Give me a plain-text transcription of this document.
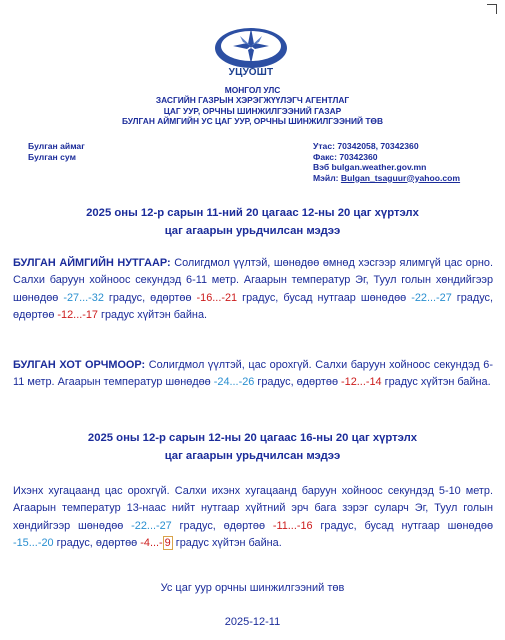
УЦУОШТ
МОНГОЛ УЛС
ЗАСГИЙН ГАЗРЫН ХЭРЭГЖҮҮЛЭГЧ АГЕНТЛАГ
ЦАГ УУР, ОРЧНЫ ШИНЖИЛГЭЭНИЙ ГАЗАР
БУЛГАН АЙМГИЙН УС ЦАГ УУР, ОРЧНЫ ШИНЖИЛГЭЭНИЙ ТӨВ
Булган аймаг
Булган сум
Утас: 70342058, 70342360
Факс: 70342360
Вэб bulgan.weather.gov.mn
Мэйл: Bulgan_tsaguur@yahoo.com
2025 оны 12-р сарын 11-ний 20 цагаас 12-ны 20 цаг хүртэлх
цаг агаарын урьдчилсан мэдээ
БУЛГАН АЙМГИЙН НУТГААР: Солигдмол үүлтэй, шөнөдөө өмнөд хэсгээр ялимгүй цас орно. Салхи баруун хойноос секундэд 6-11 метр. Агаарын температур Эг, Туул голын хөндийгээр шөнөдөө -27...-32 градус, өдөртөө -16...-21 градус, бусад нутгаар шөнөдөө -22...-27 градус, өдөртөө -12...-17 градус хүйтэн байна.
БУЛГАН ХОТ ОРЧМООР: Солигдмол үүлтэй, цас орохгүй. Салхи баруун хойноос секундэд 6-11 метр. Агаарын температур шөнөдөө -24...-26 градус, өдөртөө -12...-14 градус хүйтэн байна.
2025 оны 12-р сарын 12-ны 20 цагаас 16-ны 20 цаг хүртэлх
цаг агаарын урьдчилсан мэдээ
Ихэнх хугацаанд цас орохгүй. Салхи ихэнх хугацаанд баруун хойноос секундэд 5-10 метр. Агаарын температур 13-наас нийт нутгаар хүйтний эрч бага зэрэг суларч Эг, Туул голын хөндийгээр шөнөдөө -22...-27 градус, өдөртөө -11...-16 градус, бусад нутгаар шөнөдөө -15...-20 градус, өдөртөө -4...- 9 градус хүйтэн байна.
Ус цаг уур орчны шинжилгээний төв
2025-12-11
